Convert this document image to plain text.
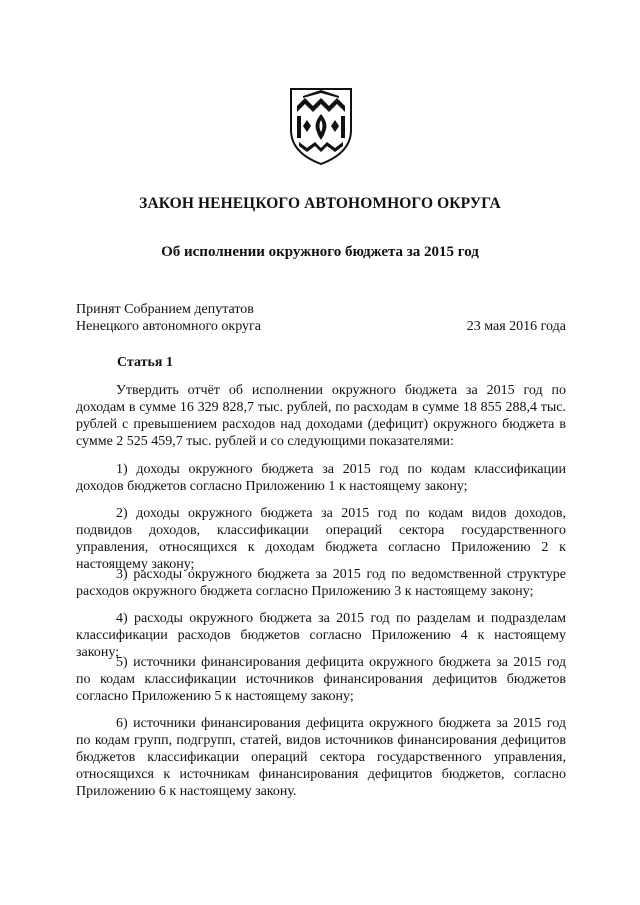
ЗАКОН НЕНЕЦКОГО АВТОНОМНОГО ОКРУГА
Об исполнении окружного бюджета за 2015 год
Принят Собранием депутатов
Ненецкого автономного округа	23 мая 2016 года
Статья 1

Утвердить отчёт об исполнении окружного бюджета за 2015 год по доходам в сумме 16 329 828,7 тыс. рублей, по расходам в сумме 18 855 288,4 тыс. рублей с превышением расходов над доходами (дефицит) окружного бюджета в сумме 2 525 459,7 тыс. рублей и со следующими показателями:

1) доходы окружного бюджета за 2015 год по кодам классификации доходов бюджетов согласно Приложению 1 к настоящему закону;

2) доходы окружного бюджета за 2015 год по кодам видов доходов, подвидов доходов, классификации операций сектора государственного управления, относящихся к доходам бюджета согласно Приложению 2 к настоящему закону;

3) расходы окружного бюджета за 2015 год по ведомственной структуре расходов окружного бюджета согласно Приложению 3 к настоящему закону;

4) расходы окружного бюджета за 2015 год по разделам и подразделам классификации расходов бюджетов согласно Приложению 4 к настоящему закону;

5) источники финансирования дефицита окружного бюджета за 2015 год по кодам классификации источников финансирования дефицитов бюджетов согласно Приложению 5 к настоящему закону;

6) источники финансирования дефицита окружного бюджета за 2015 год по кодам групп, подгрупп, статей, видов источников финансирования дефицитов бюджетов классификации операций сектора государственного управления, относящихся к источникам финансирования дефицитов бюджетов, согласно Приложению 6 к настоящему закону.
